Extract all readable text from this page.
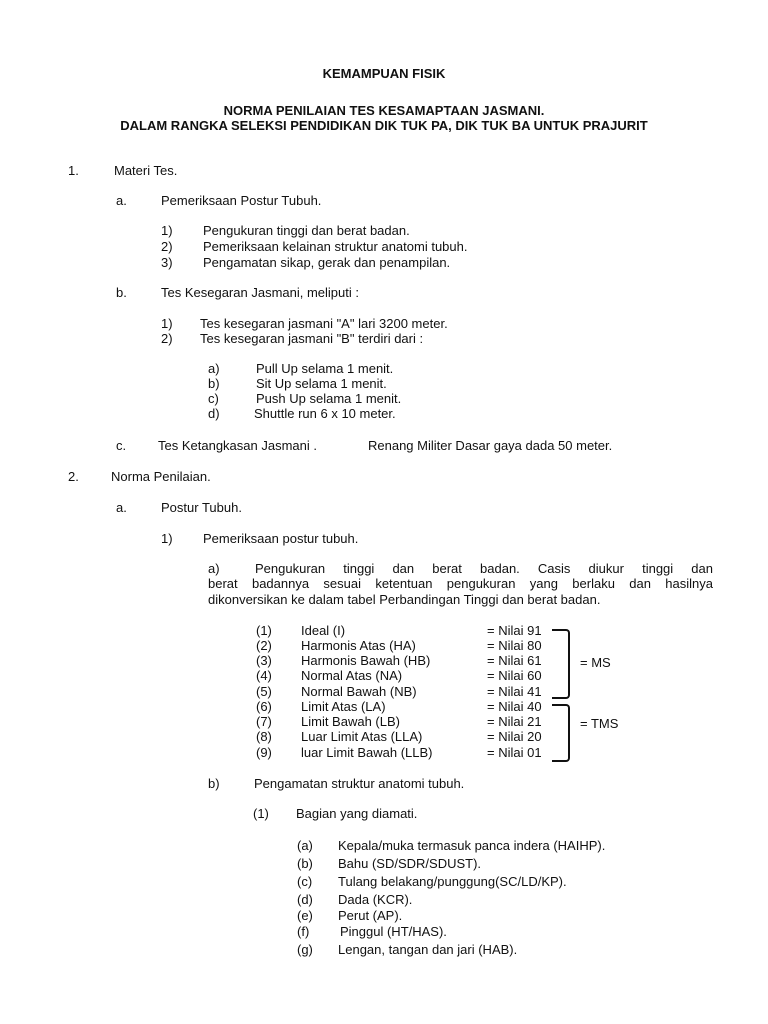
KEMAMPUAN FISIK
NORMA PENILAIAN TES KESAMAPTAAN JASMANI.
DALAM RANGKA SELEKSI PENDIDIKAN DIK TUK PA, DIK TUK BA UNTUK PRAJURIT
1.	Materi Tes.
a.	Pemeriksaan Postur Tubuh.
1) Pengukuran tinggi dan berat badan.
2) Pemeriksaan kelainan struktur anatomi tubuh.
3) Pengamatan sikap, gerak dan penampilan.
b.	Tes Kesegaran Jasmani, meliputi :
1) Tes kesegaran jasmani "A" lari 3200 meter.
2) Tes kesegaran jasmani "B" terdiri dari :
a)	Pull Up selama 1 menit.
b)	Sit Up selama 1 menit.
c)	Push Up selama 1 menit.
d)	Shuttle run 6 x 10 meter.
c. Tes Ketangkasan Jasmani .	Renang Militer Dasar gaya dada 50 meter.
2. Norma Penilaian.
a.	Postur Tubuh.
1) Pemeriksaan postur tubuh.
a)	Pengukuran tinggi dan berat badan. Casis diukur tinggi dan
berat badannya sesuai ketentuan pengukuran yang berlaku dan hasilnya
dikonversikan ke dalam tabel Perbandingan Tinggi dan berat badan.
(1) Ideal (I)	= Nilai 91
(2) Harmonis Atas (HA)	= Nilai 80
(3) Harmonis Bawah (HB)	= Nilai 61
(4) Normal Atas (NA)	= Nilai 60
(5) Normal Bawah (NB)	= Nilai 41
(6) Limit Atas (LA)	= Nilai 40
(7) Limit Bawah (LB)	= Nilai 21
(8) Luar Limit Atas (LLA)	= Nilai 20
(9) luar Limit Bawah (LLB)	= Nilai 01
= MS
= TMS
b)	Pengamatan struktur anatomi tubuh.
(1) Bagian yang diamati.
(a) Kepala/muka termasuk panca indera (HAIHP).
(b) Bahu (SD/SDR/SDUST).
(c) Tulang belakang/punggung(SC/LD/KP).
(d) Dada (KCR).
(e) Perut (AP).
(f) Pinggul (HT/HAS).
(g) Lengan, tangan dan jari (HAB).
